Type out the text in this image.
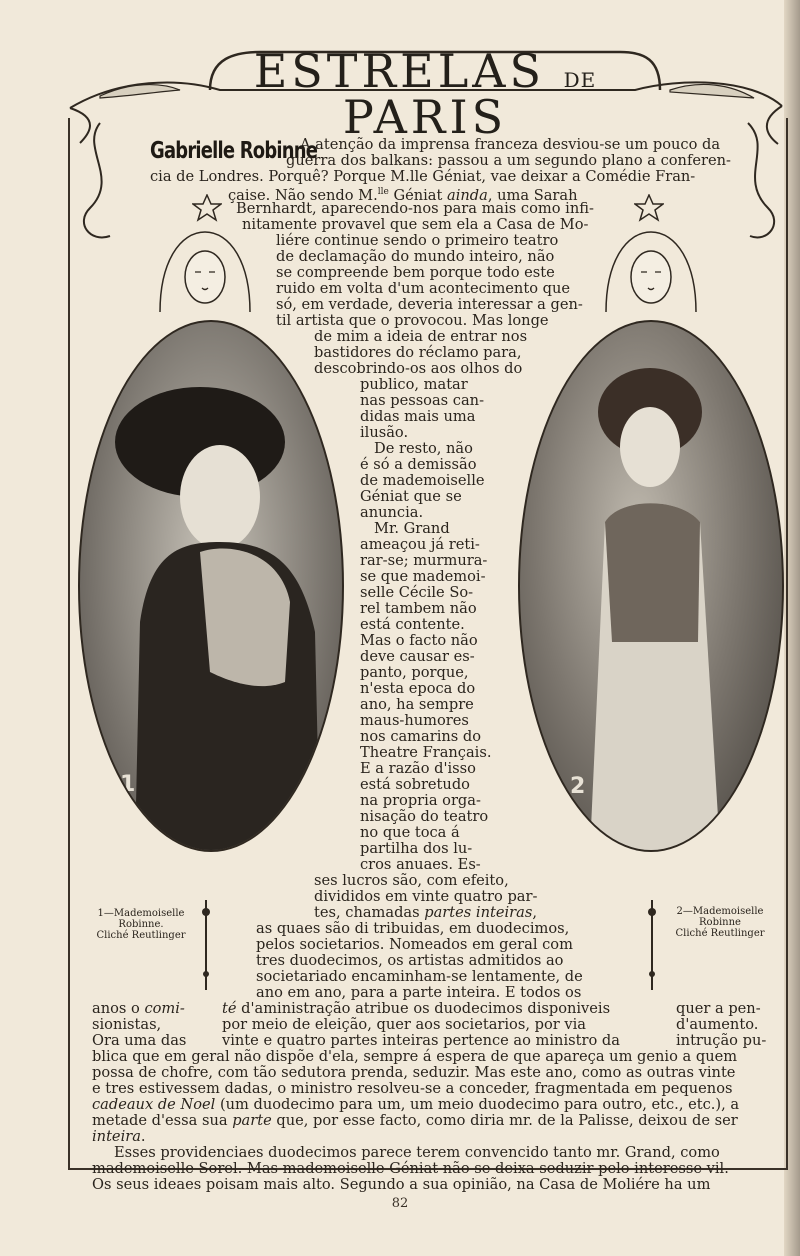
ESTRELAS DE PARIS
Gabrielle Robinne
1	2
1—Mademoiselle
Robinne.
Cliché Reutlinger
2—Mademoiselle
Robinne
Cliché Reutlinger
A atenção da imprensa franceza desviou-se um pouco da
guerra dos balkans: passou a um segundo plano a conferen-
cia de Londres. Porquê? Porque M.lle Géniat, vae deixar a Comédie Fran-
çaise. Não sendo M.$^{lle}$ Géniat ainda, uma Sarah
Bernhardt, aparecendo-nos para mais como infi-
nitamente provavel que sem ela a Casa de Mo-
liére continue sendo o primeiro teatro
de declamação do mundo inteiro, não
se compreende bem porque todo este
ruido em volta d'um acontecimento que
só, em verdade, deveria interessar a gen-
til artista que o provocou. Mas longe
de mim a ideia de entrar nos
bastidores do réclamo para,
descobrindo-os aos olhos do
publico, matar
nas pessoas can-
didas mais uma
ilusão.
De resto, não
é só a demissão
de mademoiselle
Géniat que se
anuncia.
Mr. Grand
ameaçou já reti-
rar-se; murmura-
se que mademoi-
selle Cécile So-
rel tambem não
está contente.
Mas o facto não
deve causar es-
panto, porque,
n'esta epoca do
ano, ha sempre
maus-humores
nos camarins do
Theatre Français.
E a razão d'isso
está sobretudo
na propria orga-
nisação do teatro
no que toca á
partilha dos lu-
cros anuaes. Es-
ses lucros são, com efeito,
divididos em vinte quatro par-
tes, chamadas partes inteiras,
as quaes são di tribuidas, em duodecimos,
pelos societarios. Nomeados em geral com
tres duodecimos, os artistas admitidos ao
societariado encaminham-se lentamente, de
ano em ano, para a parte inteira. E todos os
anos o comi-	té d'aministração atribue os duodecimos disponiveis	quer a pen-
sionistas,	por meio de eleição, quer aos societarios, por via	d'aumento.
Ora uma das vinte e quatro partes inteiras pertence ao ministro da	intrução pu-
blica que em geral não dispõe d'ela, sempre á espera de que apareça um genio a quem
possa de chofre, com tão sedutora prenda, seduzir. Mas este ano, como as outras vinte
e tres estivessem dadas, o ministro resolveu-se a conceder, fragmentada em pequenos
cadeaux de Noel (um duodecimo para um, um meio duodecimo para outro, etc., etc.), a
metade d'essa sua parte que, por esse facto, como diria mr. de la Palisse, deixou de ser
inteira.
Esses providenciaes duodecimos parece terem convencido tanto mr. Grand, como
mademoiselle Sorel. Mas mademoiselle Géniat não se deixa seduzir pelo interesse vil.
Os seus ideaes poisam mais alto. Segundo a sua opinião, na Casa de Moliére ha um
82
